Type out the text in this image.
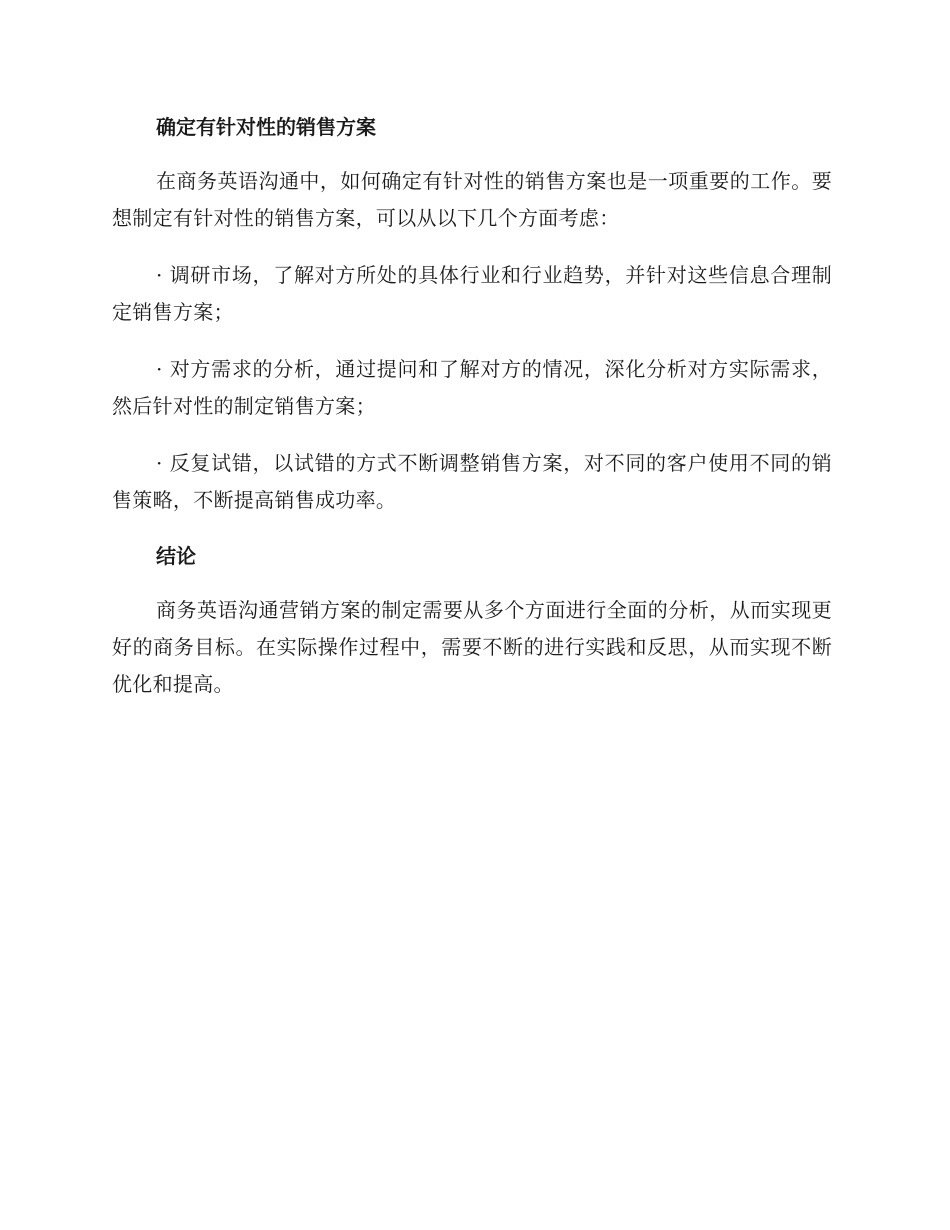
确定有针对性的销售方案

在商务英语沟通中，如何确定有针对性的销售方案也是一项重要的工作。要想制定有针对性的销售方案，可以从以下几个方面考虑：

· 调研市场，了解对方所处的具体行业和行业趋势，并针对这些信息合理制定销售方案；

· 对方需求的分析，通过提问和了解对方的情况，深化分析对方实际需求，然后针对性的制定销售方案；

· 反复试错，以试错的方式不断调整销售方案，对不同的客户使用不同的销售策略，不断提高销售成功率。

结论

商务英语沟通营销方案的制定需要从多个方面进行全面的分析，从而实现更好的商务目标。在实际操作过程中，需要不断的进行实践和反思，从而实现不断优化和提高。
